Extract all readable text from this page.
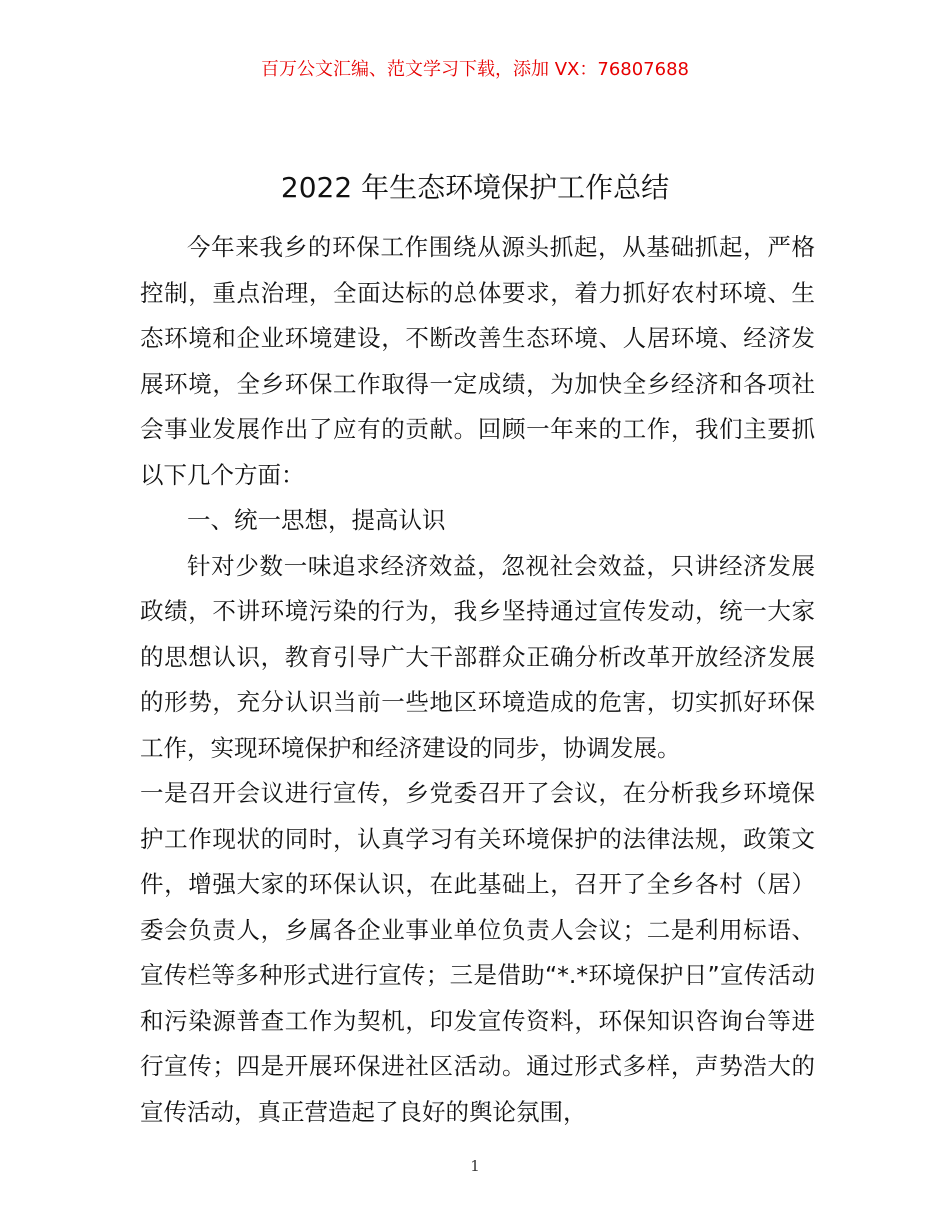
百万公文汇编、范文学习下载，添加 VX：76807688
2022 年生态环境保护工作总结

今年来我乡的环保工作围绕从源头抓起，从基础抓起，严格控制，重点治理，全面达标的总体要求，着力抓好农村环境、生态环境和企业环境建设，不断改善生态环境、人居环境、经济发展环境，全乡环保工作取得一定成绩，为加快全乡经济和各项社会事业发展作出了应有的贡献。回顾一年来的工作，我们主要抓以下几个方面：

一、统一思想，提高认识

针对少数一味追求经济效益，忽视社会效益，只讲经济发展政绩，不讲环境污染的行为，我乡坚持通过宣传发动，统一大家的思想认识，教育引导广大干部群众正确分析改革开放经济发展的形势，充分认识当前一些地区环境造成的危害，切实抓好环保工作，实现环境保护和经济建设的同步，协调发展。

一是召开会议进行宣传，乡党委召开了会议，在分析我乡环境保护工作现状的同时，认真学习有关环境保护的法律法规，政策文件，增强大家的环保认识，在此基础上，召开了全乡各村（居）委会负责人，乡属各企业事业单位负责人会议；二是利用标语、宣传栏等多种形式进行宣传；三是借助“*.*环境保护日”宣传活动和污染源普查工作为契机，印发宣传资料，环保知识咨询台等进行宣传；四是开展环保进社区活动。通过形式多样，声势浩大的宣传活动，真正营造起了良好的舆论氛围，

1
